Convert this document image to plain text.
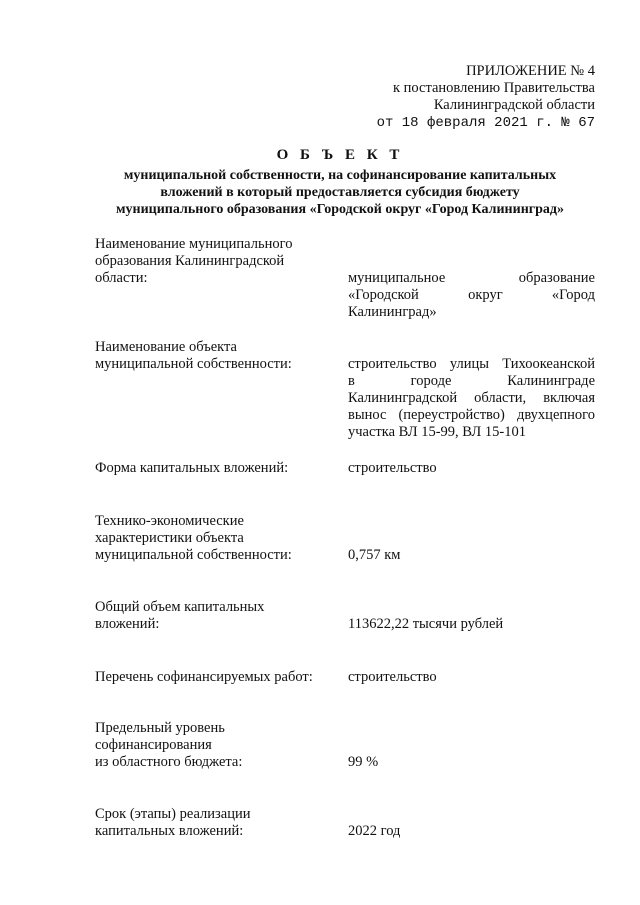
ПРИЛОЖЕНИЕ № 4
к постановлению Правительства
Калининградской области
от 18 февраля 2021 г. № 67
О Б Ъ Е К Т
муниципальной собственности, на софинансирование капитальных
вложений в который предоставляется субсидия бюджету
муниципального образования «Городской округ «Город Калининград»
Наименование муниципального
образования Калининградской
области:	муниципальное образование
«Городской округ «Город
Калининград»
Наименование объекта
муниципальной собственности:	строительство улицы Тихоокеанской
в городе Калининграде
Калининградской области, включая
вынос (переустройство) двухцепного
участка ВЛ 15-99, ВЛ 15-101
Форма капитальных вложений:	строительство
Технико-экономические
характеристики объекта
муниципальной собственности:	0,757 км
Общий объем капитальных
вложений:	113622,22 тысячи рублей
Перечень софинансируемых работ:	строительство
Предельный уровень
софинансирования
из областного бюджета:	99 %
Срок (этапы) реализации
капитальных вложений:	2022 год
